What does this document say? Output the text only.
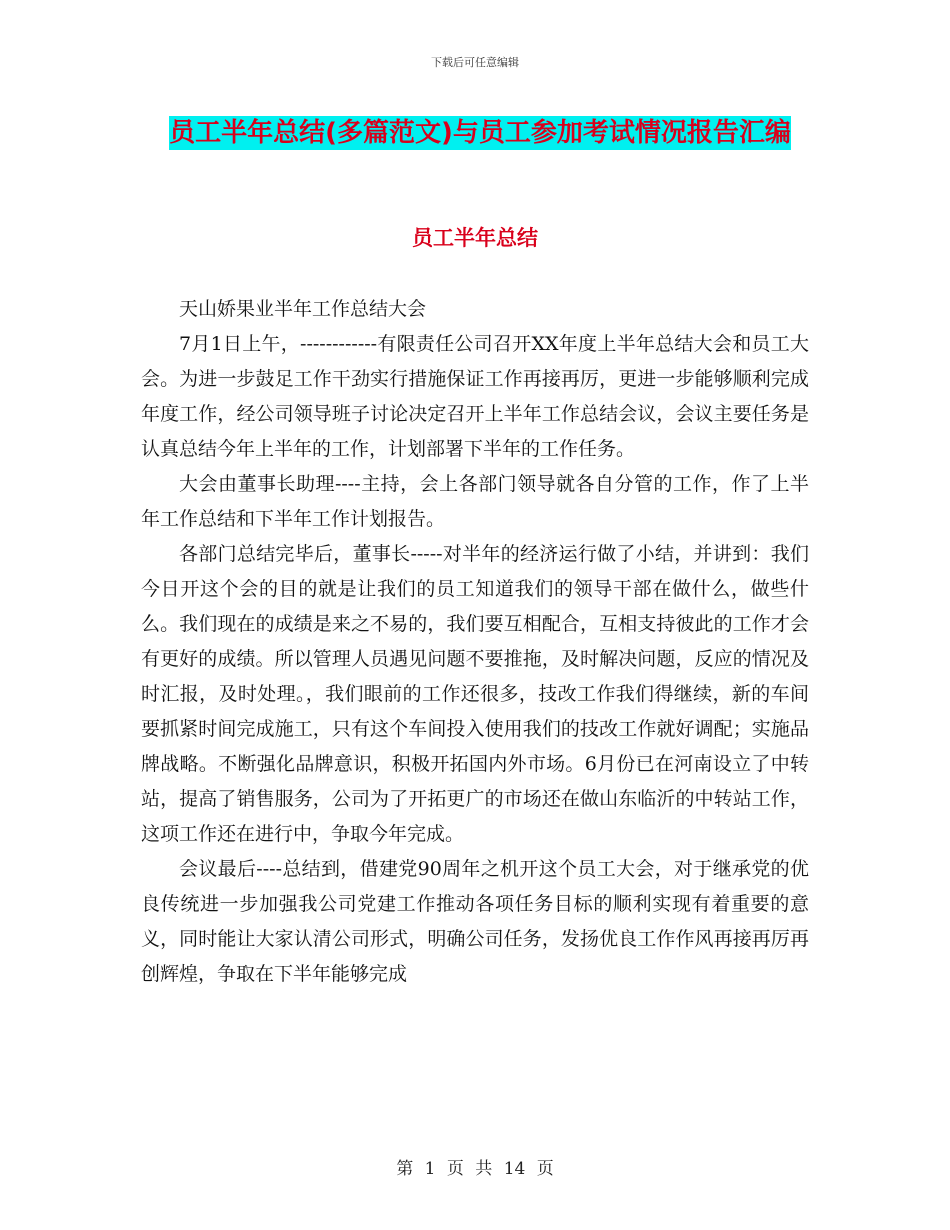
下载后可任意编辑
员工半年总结(多篇范文)与员工参加考试情况报告汇编
员工半年总结

天山娇果业半年工作总结大会

7月1日上午，------------有限责任公司召开XX年度上半年总结大会和员工大会。为进一步鼓足工作干劲实行措施保证工作再接再厉，更进一步能够顺利完成年度工作，经公司领导班子讨论决定召开上半年工作总结会议，会议主要任务是认真总结今年上半年的工作，计划部署下半年的工作任务。

大会由董事长助理----主持，会上各部门领导就各自分管的工作，作了上半年工作总结和下半年工作计划报告。

各部门总结完毕后，董事长-----对半年的经济运行做了小结，并讲到：我们今日开这个会的目的就是让我们的员工知道我们的领导干部在做什么，做些什么。我们现在的成绩是来之不易的，我们要互相配合，互相支持彼此的工作才会有更好的成绩。所以管理人员遇见问题不要推拖，及时解决问题，反应的情况及时汇报，及时处理。，我们眼前的工作还很多，技改工作我们得继续，新的车间要抓紧时间完成施工，只有这个车间投入使用我们的技改工作就好调配；实施品牌战略。不断强化品牌意识，积极开拓国内外市场。6月份已在河南设立了中转站，提高了销售服务，公司为了开拓更广的市场还在做山东临沂的中转站工作，这项工作还在进行中，争取今年完成。

会议最后----总结到，借建党90周年之机开这个员工大会，对于继承党的优良传统进一步加强我公司党建工作推动各项任务目标的顺利实现有着重要的意义，同时能让大家认清公司形式，明确公司任务，发扬优良工作作风再接再厉再创辉煌，争取在下半年能够完成

第 1 页 共 14 页
